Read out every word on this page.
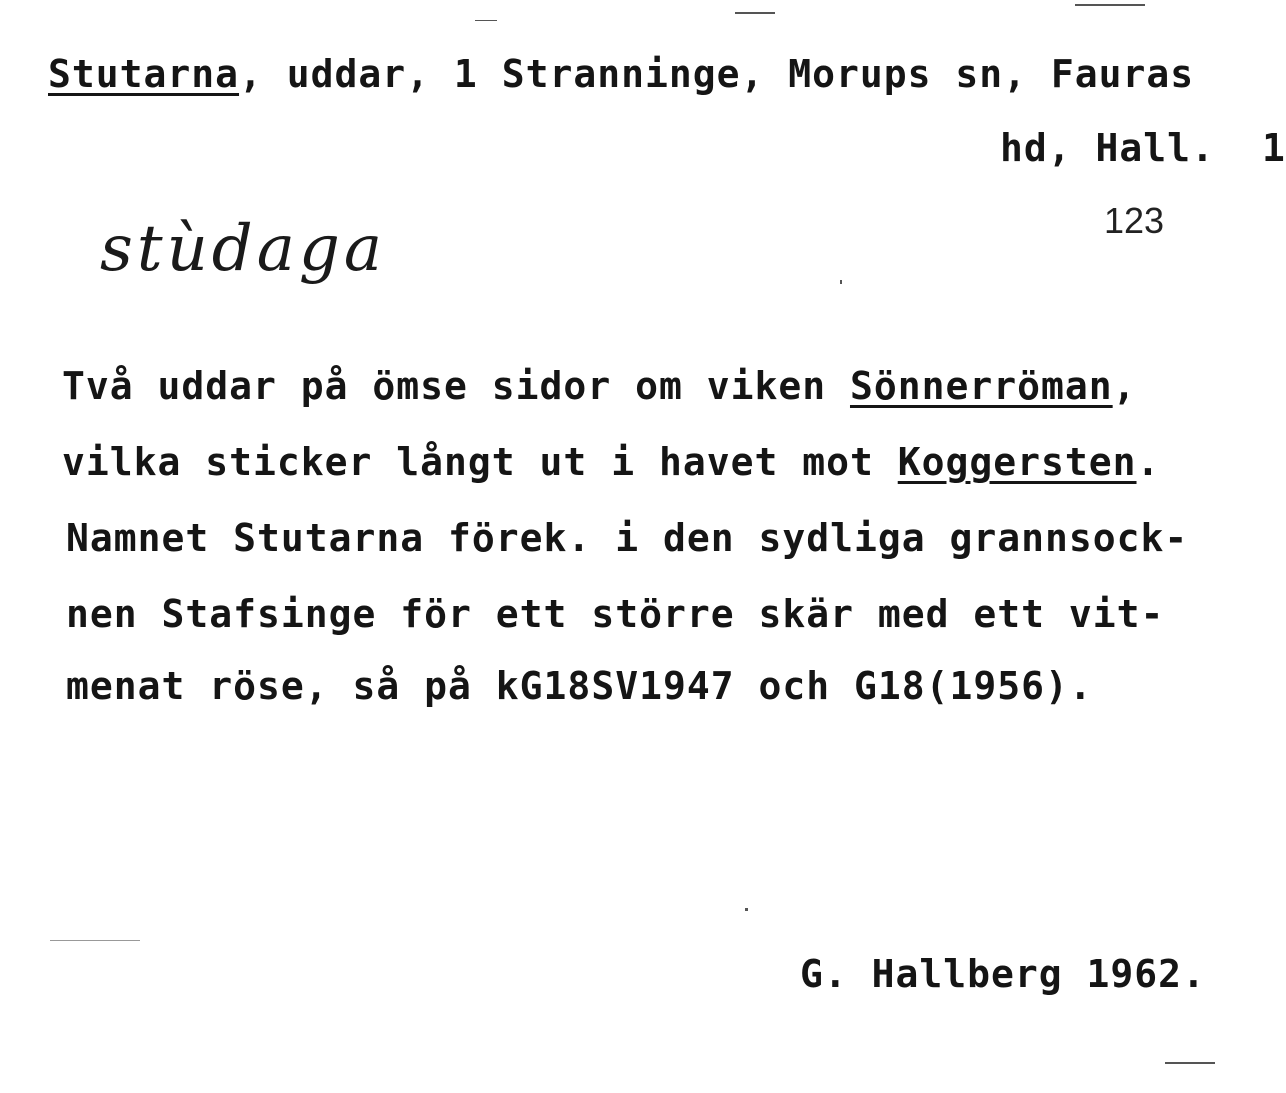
Stutarna, uddar, 1 Stranninge, Morups sn, Fauras
hd, Hall. 1
123
stùdaga
Två uddar på ömse sidor om viken Sönnerröman,
vilka sticker långt ut i havet mot Koggersten.
Namnet Stutarna förek. i den sydliga grannsock-
nen Stafsinge för ett större skär med ett vit-
menat röse, så på kG18SV1947 och G18(1956).
G. Hallberg 1962.
